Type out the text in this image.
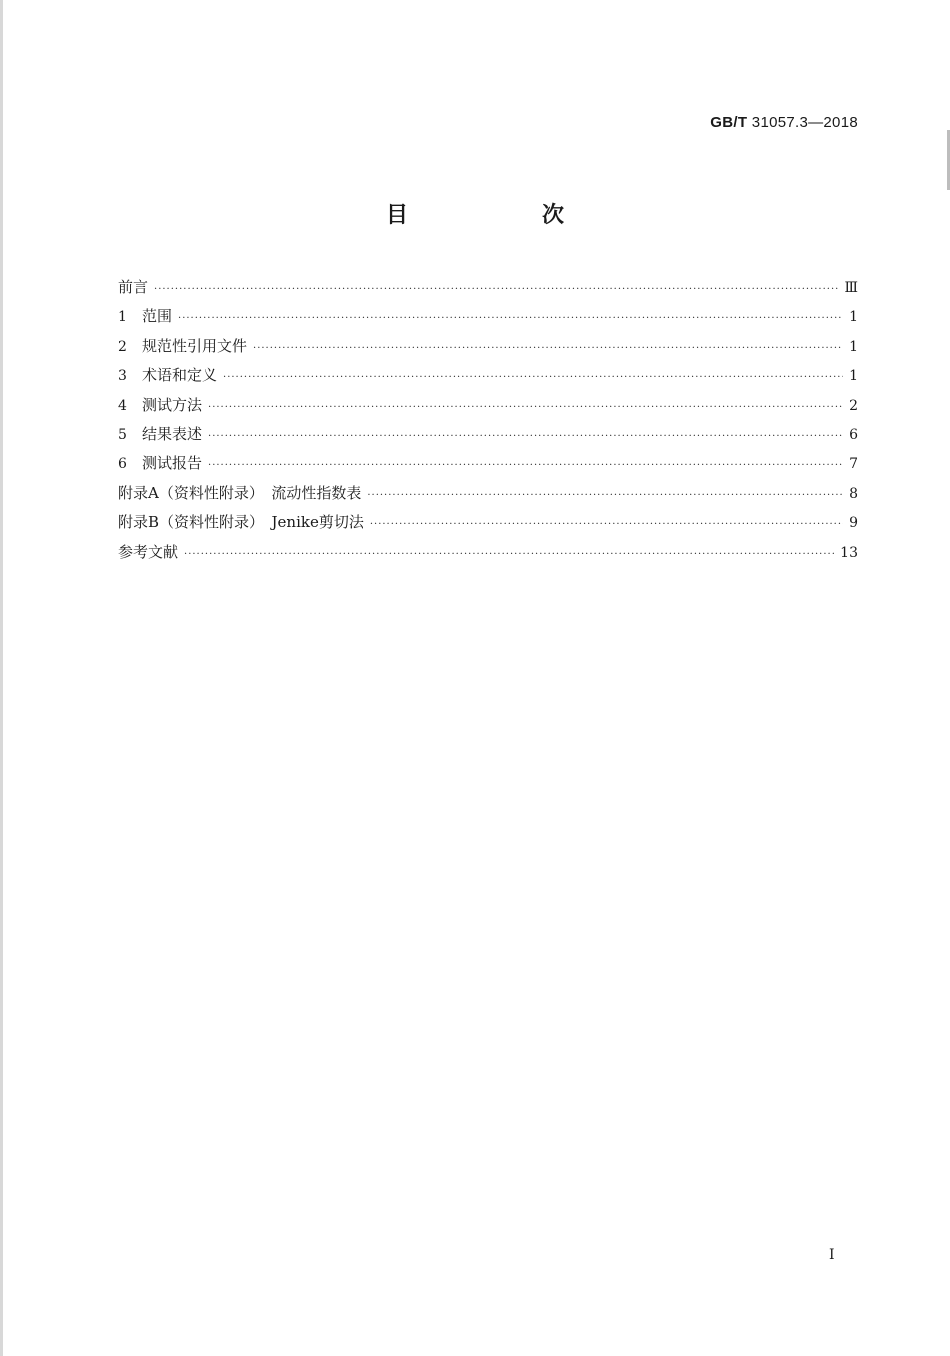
GB/T 31057.3—2018
目　次
前言 ·····	Ⅲ
1	范围 ·····	1
2	规范性引用文件 ·····	1
3	术语和定义 ·····	1
4	测试方法 ·····	2
5	结果表述 ·····	6
6	测试报告 ·····	7
附录A（资料性附录）　流动性指数表 ·····	8
附录B（资料性附录）　Jenike剪切法 ·····	9
参考文献 ·····	13
I
